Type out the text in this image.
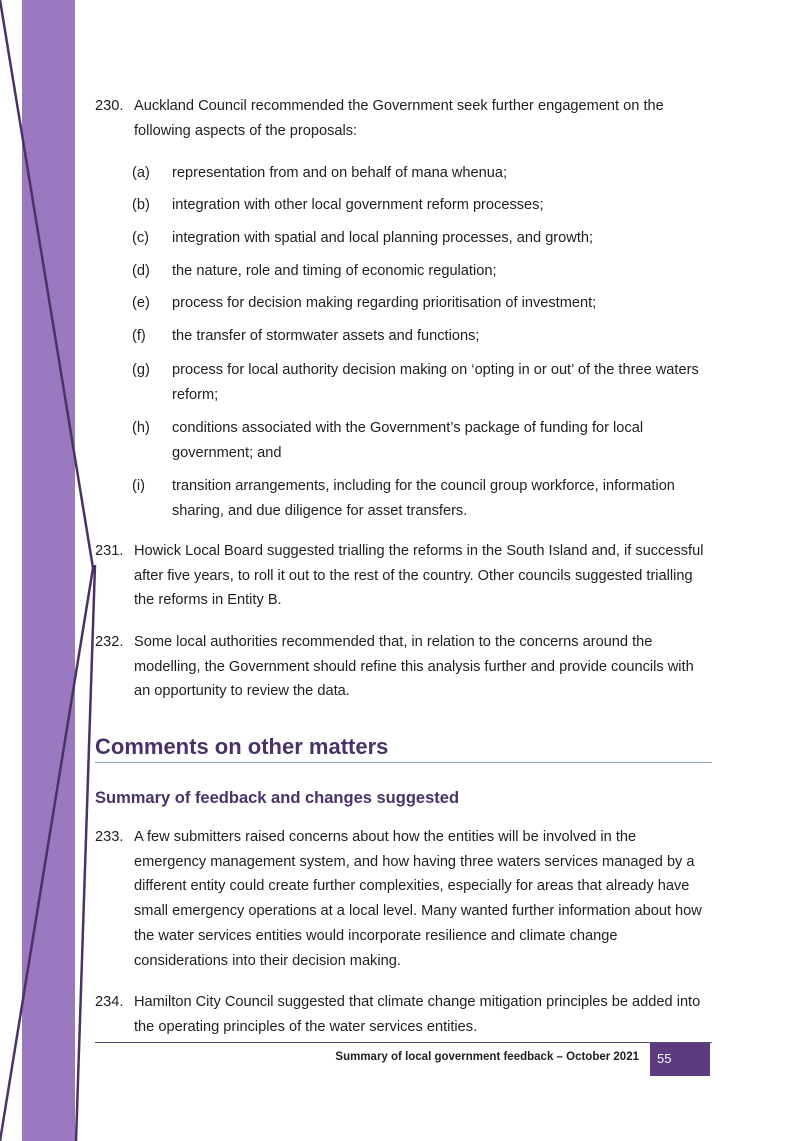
230. Auckland Council recommended the Government seek further engagement on the following aspects of the proposals:
(a) representation from and on behalf of mana whenua;
(b) integration with other local government reform processes;
(c) integration with spatial and local planning processes, and growth;
(d) the nature, role and timing of economic regulation;
(e) process for decision making regarding prioritisation of investment;
(f) the transfer of stormwater assets and functions;
(g) process for local authority decision making on ‘opting in or out’ of the three waters reform;
(h) conditions associated with the Government’s package of funding for local government; and
(i) transition arrangements, including for the council group workforce, information sharing, and due diligence for asset transfers.
231. Howick Local Board suggested trialling the reforms in the South Island and, if successful after five years, to roll it out to the rest of the country. Other councils suggested trialling the reforms in Entity B.
232. Some local authorities recommended that, in relation to the concerns around the modelling, the Government should refine this analysis further and provide councils with an opportunity to review the data.
Comments on other matters
Summary of feedback and changes suggested
233. A few submitters raised concerns about how the entities will be involved in the emergency management system, and how having three waters services managed by a different entity could create further complexities, especially for areas that already have small emergency operations at a local level. Many wanted further information about how the water services entities would incorporate resilience and climate change considerations into their decision making.
234. Hamilton City Council suggested that climate change mitigation principles be added into the operating principles of the water services entities.
Summary of local government feedback – October 2021 55
